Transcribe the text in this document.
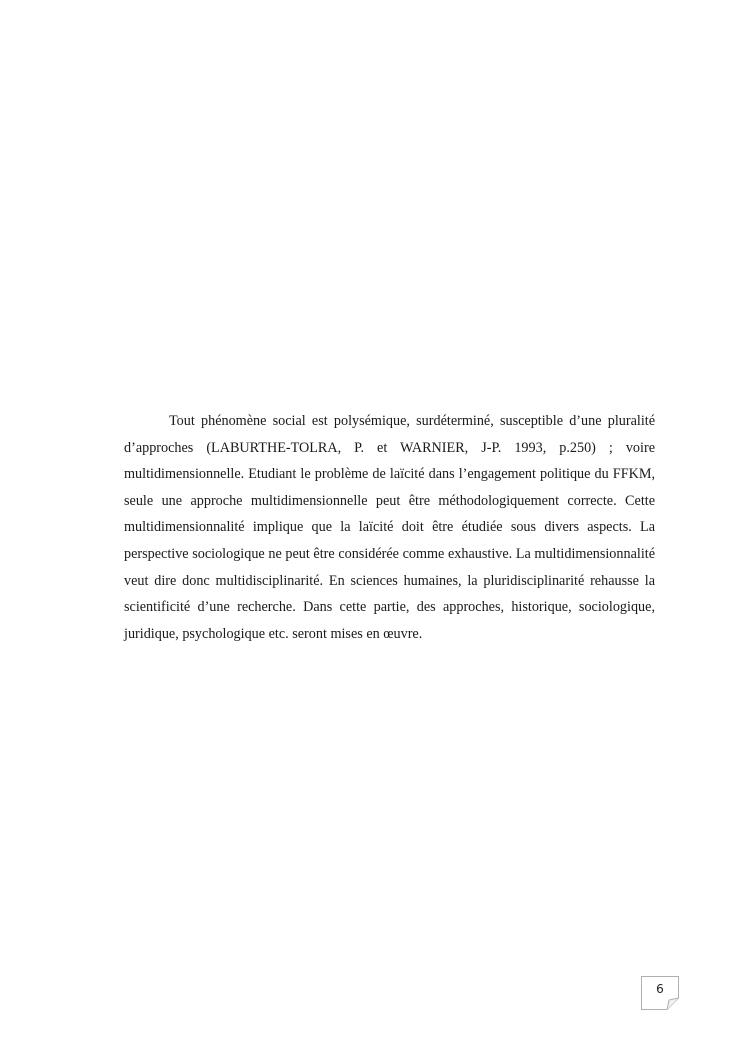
Tout phénomène social est polysémique, surdéterminé, susceptible d’une pluralité d’approches (LABURTHE-TOLRA, P. et WARNIER, J-P. 1993, p.250) ; voire multidimensionnelle. Etudiant le problème de laïcité dans l’engagement politique du FFKM, seule une approche multidimensionnelle peut être méthodologiquement correcte. Cette multidimensionnalité implique que la laïcité doit être étudiée sous divers aspects. La perspective sociologique ne peut être considérée comme exhaustive. La multidimensionnalité veut dire donc multidisciplinarité. En sciences humaines, la pluridisciplinarité rehausse la scientificité d’une recherche. Dans cette partie, des approches, historique, sociologique, juridique, psychologique etc. seront mises en œuvre.

6
